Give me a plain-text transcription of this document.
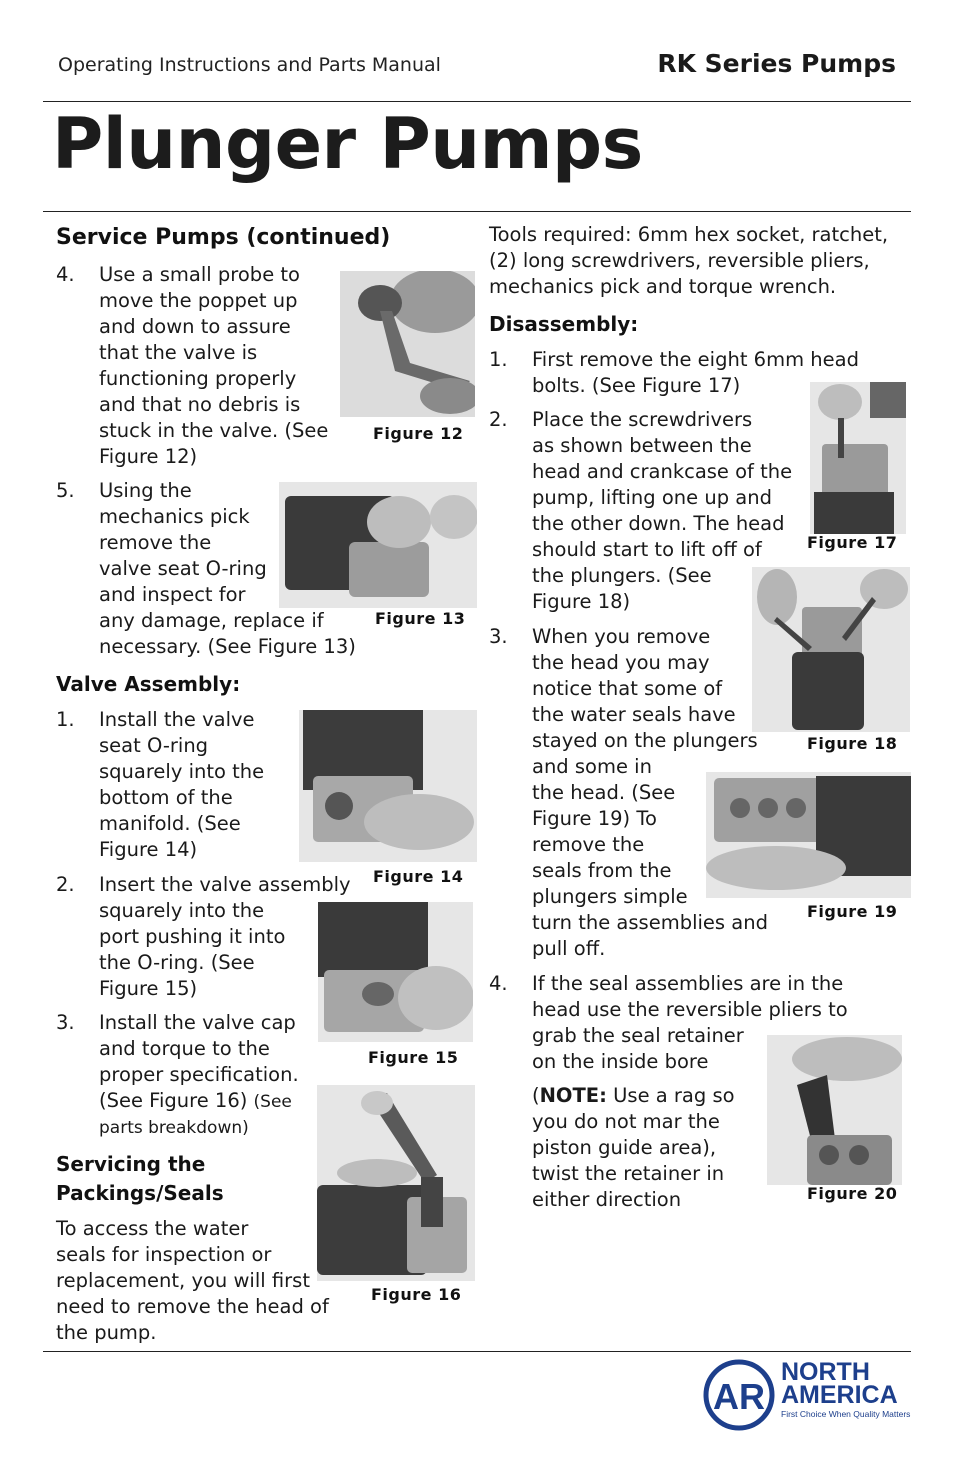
Operating Instructions and Parts Manual	RK Series Pumps
Plunger Pumps
Service Pumps (continued)
4. Use a small probe to
move the poppet up
and down to assure
that the valve is
functioning properly
and that no debris is
stuck in the valve. (See
Figure 12)
Figure 12
5. Using the
mechanics pick
remove the
valve seat O-ring
and inspect for
any damage, replace if
necessary. (See Figure 13)
Figure 13
Valve Assembly:
1. Install the valve
seat O-ring
squarely into the
bottom of the
manifold. (See
Figure 14)
Figure 14
2. Insert the valve assembly
squarely into the
port pushing it into
the O-ring. (See
Figure 15)
Figure 15
3. Install the valve cap
and torque to the
proper specification.
(See Figure 16) (See
parts breakdown)
Figure 16
Servicing the
Packings/Seals
To access the water
seals for inspection or
replacement, you will first
need to remove the head of
the pump.
Tools required: 6mm hex socket, ratchet,
(2) long screwdrivers, reversible pliers,
mechanics pick and torque wrench.
Disassembly:
1. First remove the eight 6mm head
bolts. (See Figure 17)
Figure 17
2. Place the screwdrivers
as shown between the
head and crankcase of the
pump, lifting one up and
the other down. The head
should start to lift off of
the plungers. (See
Figure 18)
Figure 18
3. When you remove
the head you may
notice that some of
the water seals have
stayed on the plungers
and some in
the head. (See
Figure 19) To
remove the
seals from the
plungers simple
turn the assemblies and
pull off.
Figure 19
4. If the seal assemblies are in the
head use the reversible pliers to
grab the seal retainer
on the inside bore
(NOTE: Use a rag so
you do not mar the
piston guide area),
twist the retainer in
either direction	Figure 20
AR
NORTH
AMERICA
First Choice When Quality Matters
